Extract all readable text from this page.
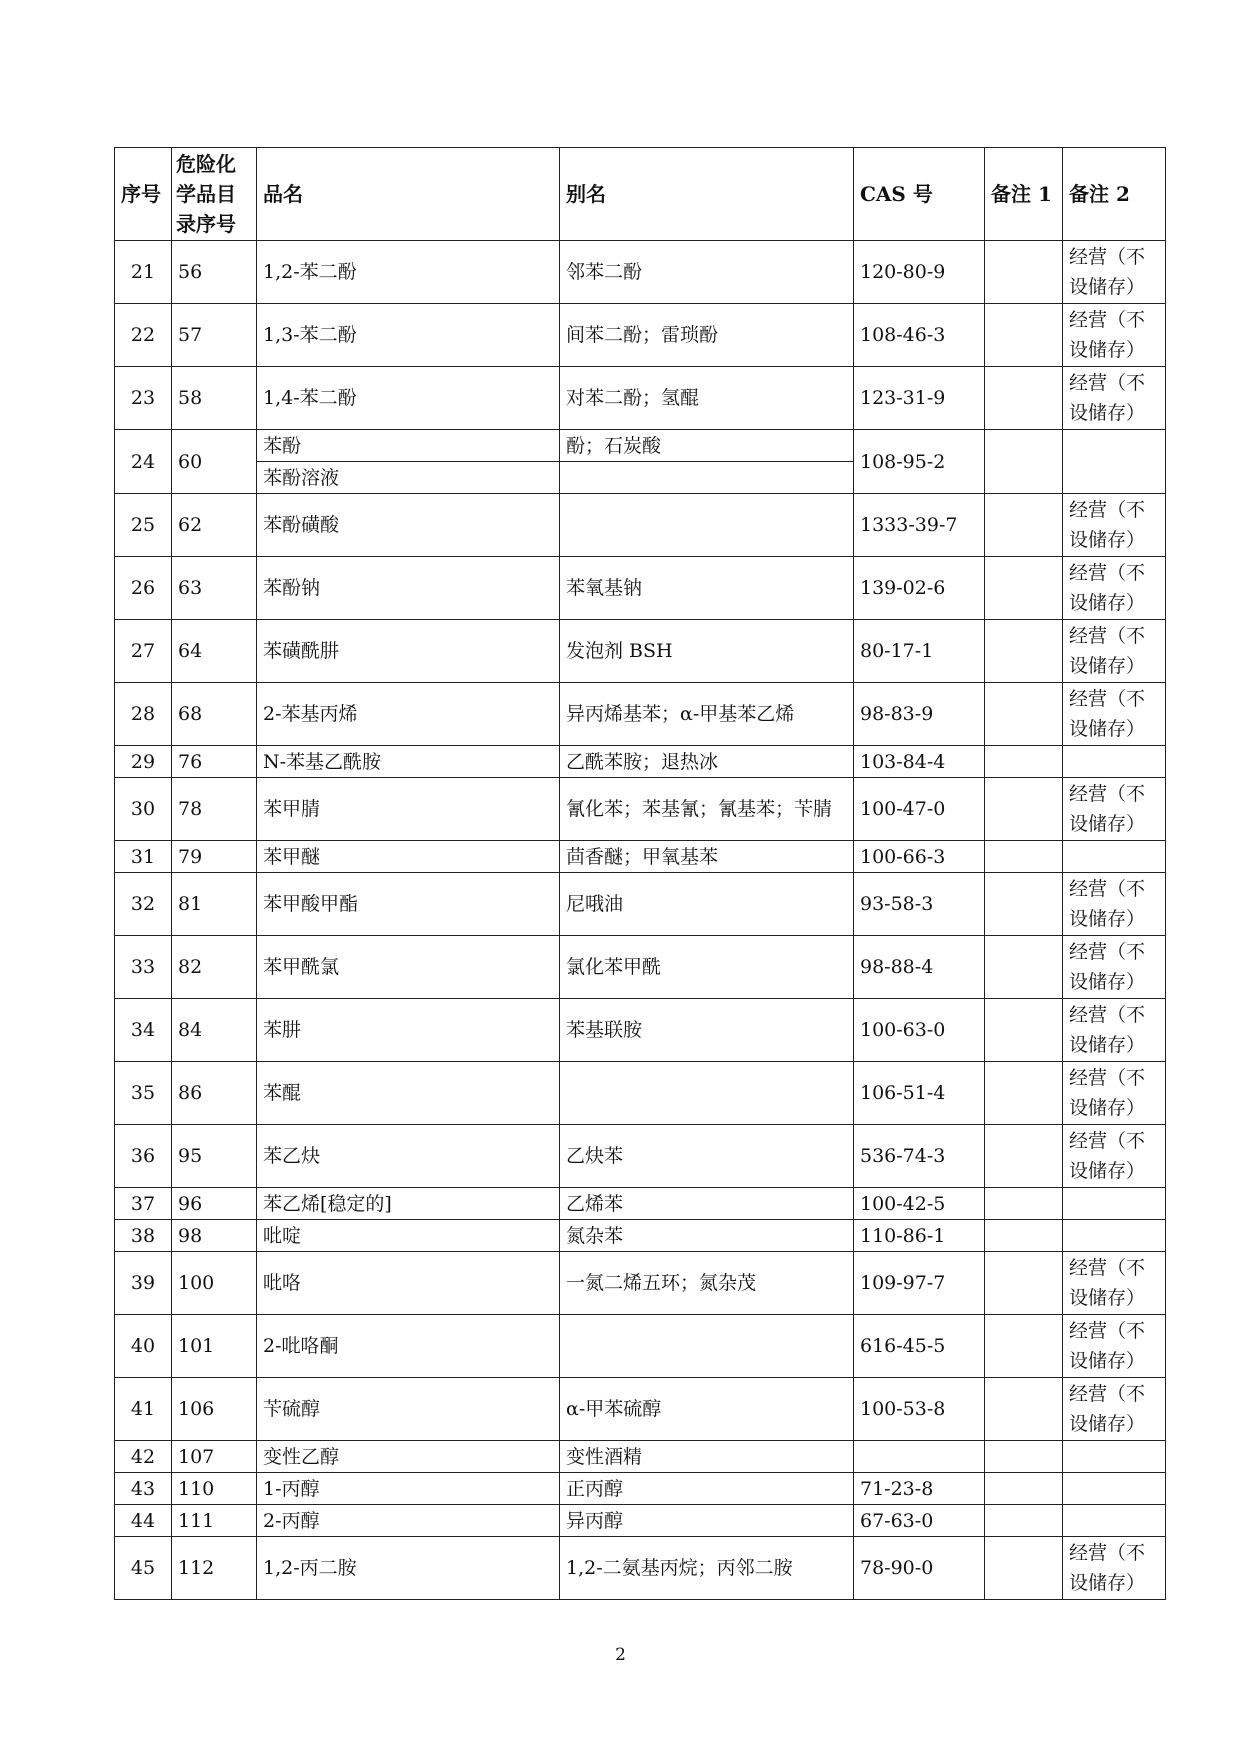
序号	危险化学品目录序号	品名	别名	CAS 号	备注 1	备注 2
21	56	1,2-苯二酚	邻苯二酚	120-80-9		经营（不设储存）
22	57	1,3-苯二酚	间苯二酚；雷琐酚	108-46-3		经营（不设储存）
23	58	1,4-苯二酚	对苯二酚；氢醌	123-31-9		经营（不设储存）
24	60	苯酚	酚；石炭酸	108-95-2		
		苯酚溶液				
25	62	苯酚磺酸		1333-39-7		经营（不设储存）
26	63	苯酚钠	苯氧基钠	139-02-6		经营（不设储存）
27	64	苯磺酰肼	发泡剂 BSH	80-17-1		经营（不设储存）
28	68	2-苯基丙烯	异丙烯基苯；α-甲基苯乙烯	98-83-9		经营（不设储存）
29	76	N-苯基乙酰胺	乙酰苯胺；退热冰	103-84-4		
30	78	苯甲腈	氰化苯；苯基氰；氰基苯；苄腈	100-47-0		经营（不设储存）
31	79	苯甲醚	茴香醚；甲氧基苯	100-66-3		
32	81	苯甲酸甲酯	尼哦油	93-58-3		经营（不设储存）
33	82	苯甲酰氯	氯化苯甲酰	98-88-4		经营（不设储存）
34	84	苯肼	苯基联胺	100-63-0		经营（不设储存）
35	86	苯醌		106-51-4		经营（不设储存）
36	95	苯乙炔	乙炔苯	536-74-3		经营（不设储存）
37	96	苯乙烯[稳定的]	乙烯苯	100-42-5		
38	98	吡啶	氮杂苯	110-86-1		
39	100	吡咯	一氮二烯五环；氮杂茂	109-97-7		经营（不设储存）
40	101	2-吡咯酮		616-45-5		经营（不设储存）
41	106	苄硫醇	α-甲苯硫醇	100-53-8		经营（不设储存）
42	107	变性乙醇	变性酒精			
43	110	1-丙醇	正丙醇	71-23-8		
44	111	2-丙醇	异丙醇	67-63-0		
45	112	1,2-丙二胺	1,2-二氨基丙烷；丙邻二胺	78-90-0		经营（不设储存）
2
